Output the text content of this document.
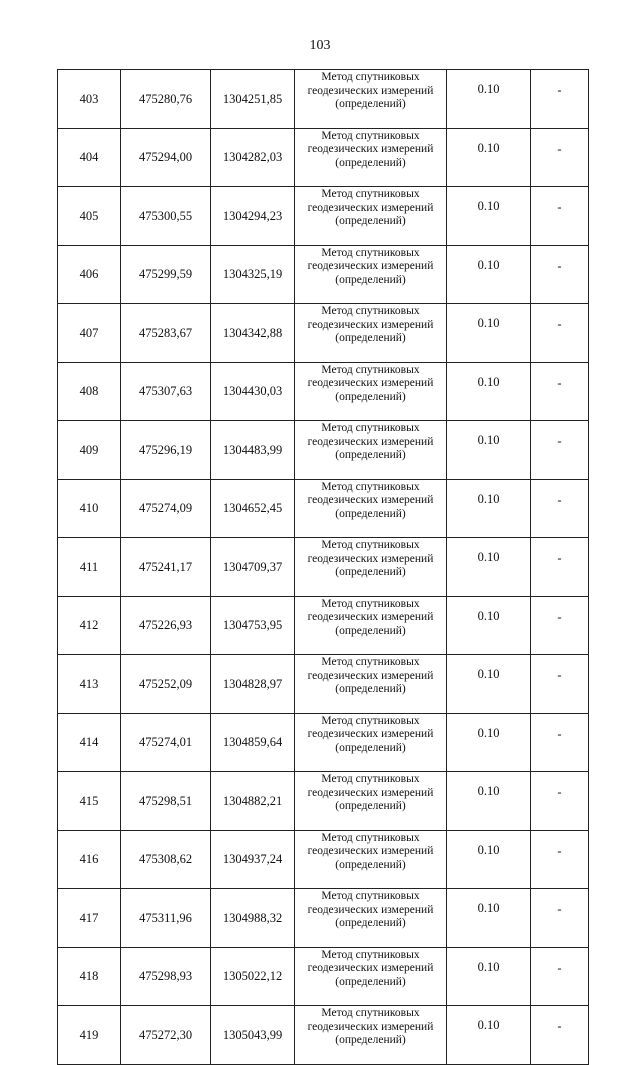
103
403	475280,76	1304251,85	Метод спутниковых геодезических измерений (определений)	0.10	-
404	475294,00	1304282,03	Метод спутниковых геодезических измерений (определений)	0.10	-
405	475300,55	1304294,23	Метод спутниковых геодезических измерений (определений)	0.10	-
406	475299,59	1304325,19	Метод спутниковых геодезических измерений (определений)	0.10	-
407	475283,67	1304342,88	Метод спутниковых геодезических измерений (определений)	0.10	-
408	475307,63	1304430,03	Метод спутниковых геодезических измерений (определений)	0.10	-
409	475296,19	1304483,99	Метод спутниковых геодезических измерений (определений)	0.10	-
410	475274,09	1304652,45	Метод спутниковых геодезических измерений (определений)	0.10	-
411	475241,17	1304709,37	Метод спутниковых геодезических измерений (определений)	0.10	-
412	475226,93	1304753,95	Метод спутниковых геодезических измерений (определений)	0.10	-
413	475252,09	1304828,97	Метод спутниковых геодезических измерений (определений)	0.10	-
414	475274,01	1304859,64	Метод спутниковых геодезических измерений (определений)	0.10	-
415	475298,51	1304882,21	Метод спутниковых геодезических измерений (определений)	0.10	-
416	475308,62	1304937,24	Метод спутниковых геодезических измерений (определений)	0.10	-
417	475311,96	1304988,32	Метод спутниковых геодезических измерений (определений)	0.10	-
418	475298,93	1305022,12	Метод спутниковых геодезических измерений (определений)	0.10	-
419	475272,30	1305043,99	Метод спутниковых геодезических измерений (определений)	0.10	-
